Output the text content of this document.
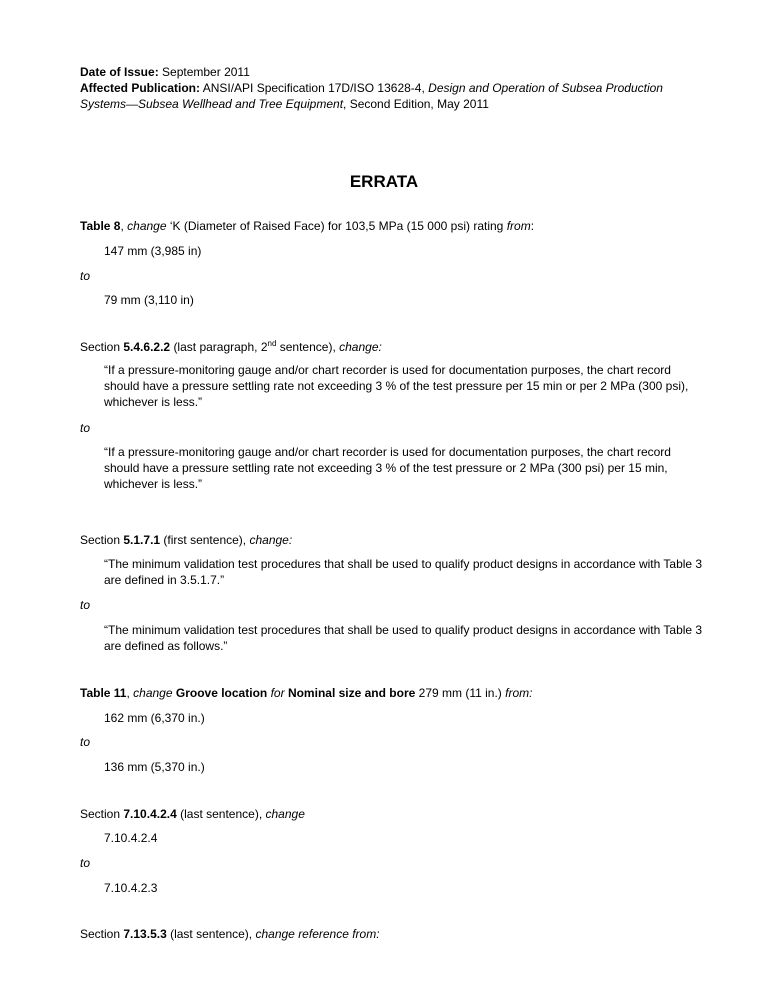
Date of Issue: September 2011
Affected Publication: ANSI/API Specification 17D/ISO 13628-4, Design and Operation of Subsea Production
Systems—Subsea Wellhead and Tree Equipment, Second Edition, May 2011
ERRATA
Table 8, change ‘K (Diameter of Raised Face) for 103,5 MPa (15 000 psi) rating from:
147 mm (3,985 in)
to
79 mm (3,110 in)
Section 5.4.6.2.2 (last paragraph, 2nd sentence), change:
“If a pressure-monitoring gauge and/or chart recorder is used for documentation purposes, the chart record should have a pressure settling rate not exceeding 3 % of the test pressure per 15 min or per 2 MPa (300 psi), whichever is less.”
to
“If a pressure-monitoring gauge and/or chart recorder is used for documentation purposes, the chart record should have a pressure settling rate not exceeding 3 % of the test pressure or 2 MPa (300 psi) per 15 min, whichever is less.”
Section 5.1.7.1 (first sentence), change:
“The minimum validation test procedures that shall be used to qualify product designs in accordance with Table 3 are defined in 3.5.1.7.”
to
“The minimum validation test procedures that shall be used to qualify product designs in accordance with Table 3 are defined as follows.”
Table 11, change Groove location for Nominal size and bore 279 mm (11 in.) from:
162 mm (6,370 in.)
to
136 mm (5,370 in.)
Section 7.10.4.2.4 (last sentence), change
7.10.4.2.4
to
7.10.4.2.3
Section 7.13.5.3 (last sentence), change reference from:
